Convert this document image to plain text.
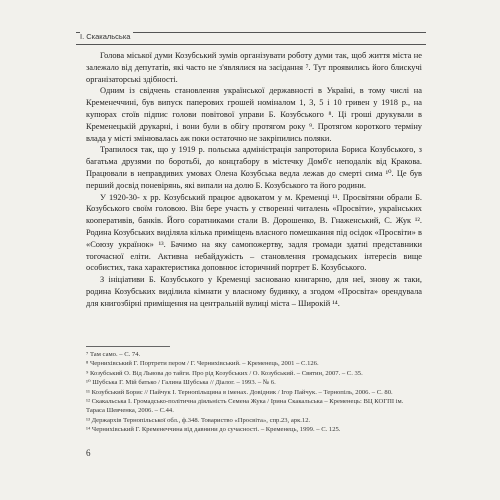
І. Скакальська

Голова міської думи Козубський зумів організувати роботу думи так, щоб життя міста не залежало від депутатів, які часто не з'являлися на засідання ⁷. Тут проявились його блискучі організаторські здібності.

Одним із свідчень становлення української державності в Україні, в тому числі на Кременеччині, був випуск паперових грошей номіналом 1, 3, 5 і 10 гривен у 1918 р., на купюрах стоїв підпис голови повітової управи Б. Козубського ⁸. Ці гроші друкували в Кременецькій друкарні, і вони були в обігу протягом року ⁹. Протягом короткого терміну влада у місті змінювалась аж поки остаточно не закріпились поляки.

Трапилося так, що у 1919 р. польська адміністрація запроторила Бориса Козубського, з багатьма друзями по боротьбі, до концтабору в містечку Домб'є неподалік від Кракова. Працювали в неправдивих умовах Олена Козубська ведла лежав до смерті сима ¹⁰. Це був перший досвід поневірянь, які випали на долю Б. Козубського та його родини.

У 1920-30- х рр. Козубський працює адвокатом у м. Кременці ¹¹. Просвітяни обрали Б. Козубського своїм головою. Він бере участь у створенні читалень «Просвіти», українських кооперативів, банків. Його соратниками стали В. Дорошенко, В. Гнаженський, С. Жук ¹². Родина Козубських виділяла кілька приміщень власного помешкання під осідок «Просвіти» в «Союзу українок» ¹³. Бачимо на яку самопожертву, задля громади здатні представники тогочасної еліти. Активна небайдужість – становлення громадських інтересів вище особистих, така характеристика доповнює історичний портрет Б. Козубського.

З ініціативи Б. Козубського у Кременці засновано книгарню, для неї, знову ж таки, родина Козубських виділила кімнати у власному будинку, а згодом «Просвіта» орендувала для книгозбірні приміщення на центральній вулиці міста – Широкій ¹⁴.

⁷ Там само. – С. 74.
⁸ Чернихівський Г. Портрети пером / Г. Чернихівський. – Кременець, 2001 – С.126.
⁹ Козубський О. Від Львова до тайги. Про рід Козубських / О. Козубський. – Святин, 2007. – С. 35.
¹⁰ Шубська Г. Мій батько / Галина Шубська // Діалог. – 1993. – № 6.
¹¹ Козубський Борис // Пайчук І. Тернопільщина в іменах. Довідник / Ігор Пайчук. – Тернопіль, 2006. – С. 80.
¹² Скакальська І. Громадсько-політична діяльність Семена Жука / Ірина Скакальська – Кременець: ВЦ КОГПІ ім. Тараса Шевченка, 2006. – С.44.
¹³ Держархів Тернопільської обл., ф.348. Товариство «Просвіта», спр.23, арк.12.
¹⁴ Чернихівський Г. Кременеччина від давнини до сучасності. – Кременець, 1999. – С. 125.
6
